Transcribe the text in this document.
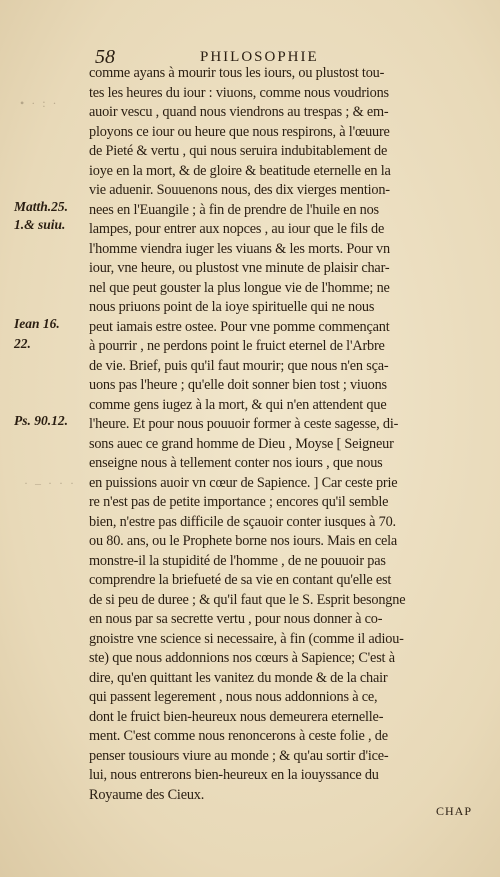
58	PHILOSOPHIE
• · : ·
· – · · ·
Matth.25.
1.& suiu.
Iean 16.
22.
Ps. 90.12.
comme ayans à mourir tous les iours, ou plustost tou-
tes les heures du iour : viuons, comme nous voudrions
auoir vescu , quand nous viendrons au trespas ; & em-
ployons ce iour ou heure que nous respirons, à l'œuure
de Pieté & vertu , qui nous seruira indubitablement de
ioye en la mort, & de gloire & beatitude eternelle en la
vie aduenir. Souuenons nous, des dix vierges mention-
nees en l'Euangile ; à fin de prendre de l'huile en nos
lampes, pour entrer aux nopces , au iour que le fils de
l'homme viendra iuger les viuans & les morts. Pour vn
iour, vne heure, ou plustost vne minute de plaisir char-
nel que peut gouster la plus longue vie de l'homme; ne
nous priuons point de la ioye spirituelle qui ne nous
peut iamais estre ostee. Pour vne pomme commençant
à pourrir , ne perdons point le fruict eternel de l'Arbre
de vie. Brief, puis qu'il faut mourir; que nous n'en sça-
uons pas l'heure ; qu'elle doit sonner bien tost ; viuons
comme gens iugez à la mort, & qui n'en attendent que
l'heure. Et pour nous pouuoir former à ceste sagesse, di-
sons auec ce grand homme de Dieu , Moyse [ Seigneur
enseigne nous à tellement conter nos iours , que nous
en puissions auoir vn cœur de Sapience. ] Car ceste prie
re n'est pas de petite importance ; encores qu'il semble
bien, n'estre pas difficile de sçauoir conter iusques à 70.
ou 80. ans, ou le Prophete borne nos iours. Mais en cela
monstre-il la stupidité de l'homme , de ne pouuoir pas
comprendre la briefueté de sa vie en contant qu'elle est
de si peu de duree ; & qu'il faut que le S. Esprit besongne
en nous par sa secrette vertu , pour nous donner à co-
gnoistre vne science si necessaire, à fin (comme il adiou-
ste) que nous addonnions nos cœurs à Sapience; C'est à
dire, qu'en quittant les vanitez du monde & de la chair
qui passent legerement , nous nous addonnions à ce,
dont le fruict bien-heureux nous demeurera eternelle-
ment. C'est comme nous renoncerons à ceste folie , de
penser tousiours viure au monde ; & qu'au sortir d'ice-
lui, nous entrerons bien-heureux en la iouyssance du
Royaume des Cieux.
CHAP
